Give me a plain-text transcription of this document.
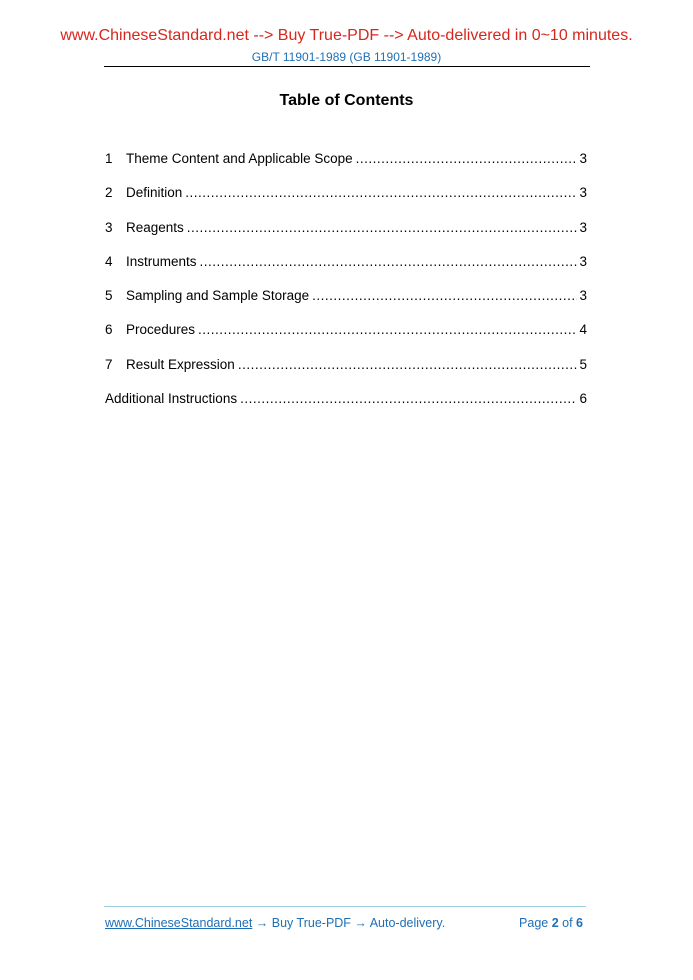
www.ChineseStandard.net --> Buy True-PDF --> Auto-delivered in 0~10 minutes.
GB/T 11901-1989 (GB 11901-1989)
Table of Contents
1 Theme Content and Applicable Scope .....	3
2 Definition .....	3
3 Reagents .....	3
4 Instruments .....	3
5 Sampling and Sample Storage .....	3
6 Procedures .....	4
7 Result Expression .....	5
Additional Instructions .....	6
www.ChineseStandard.net → Buy True-PDF → Auto-delivery.	Page 2 of 6
